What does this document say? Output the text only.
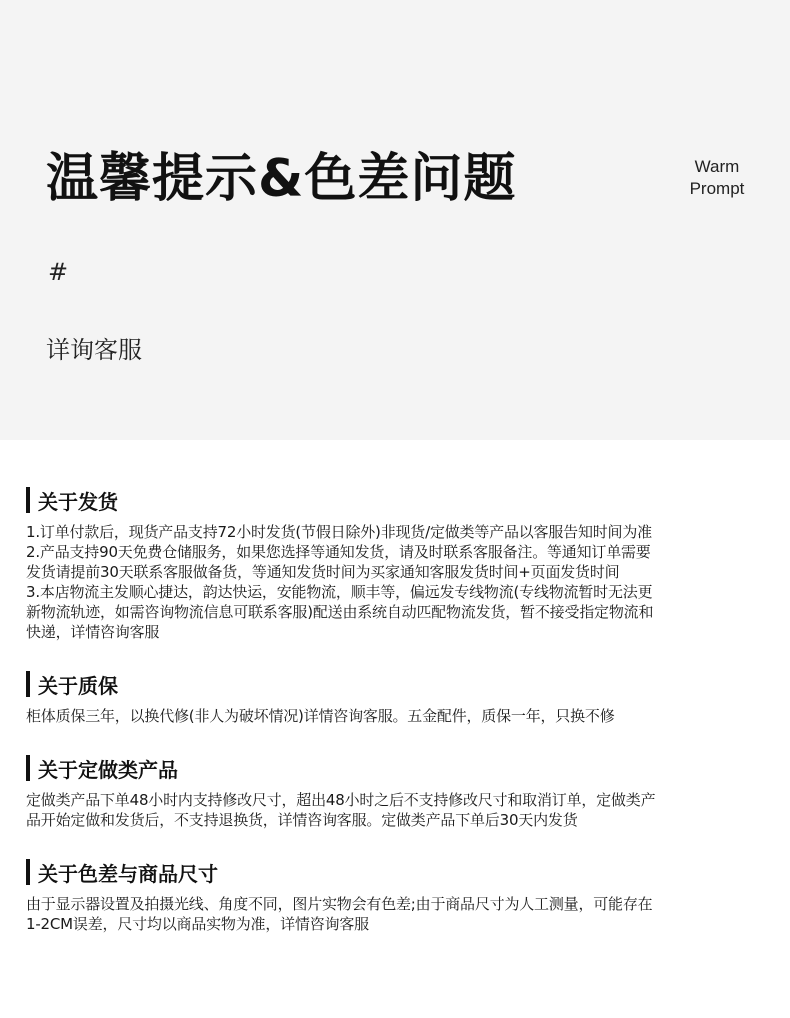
温馨提示&色差问题	Warm
Prompt
#
详询客服
关于发货
1.订单付款后，现货产品支持72小时发货(节假日除外)非现货/定做类等产品以客服告知时间为准
2.产品支持90天免费仓储服务，如果您选择等通知发货，请及时联系客服备注。等通知订单需要
发货请提前30天联系客服做备货，等通知发货时间为买家通知客服发货时间+页面发货时间
3.本店物流主发顺心捷达，韵达快运，安能物流，顺丰等，偏远发专线物流(专线物流暂时无法更
新物流轨迹，如需咨询物流信息可联系客服)配送由系统自动匹配物流发货，暂不接受指定物流和
快递，详情咨询客服
关于质保
柜体质保三年，以换代修(非人为破坏情况)详情咨询客服。五金配件，质保一年，只换不修
关于定做类产品
定做类产品下单48小时内支持修改尺寸，超出48小时之后不支持修改尺寸和取消订单，定做类产
品开始定做和发货后，不支持退换货，详情咨询客服。定做类产品下单后30天内发货
关于色差与商品尺寸
由于显示器设置及拍摄光线、角度不同，图片实物会有色差;由于商品尺寸为人工测量，可能存在
1-2CM误差，尺寸均以商品实物为准，详情咨询客服
